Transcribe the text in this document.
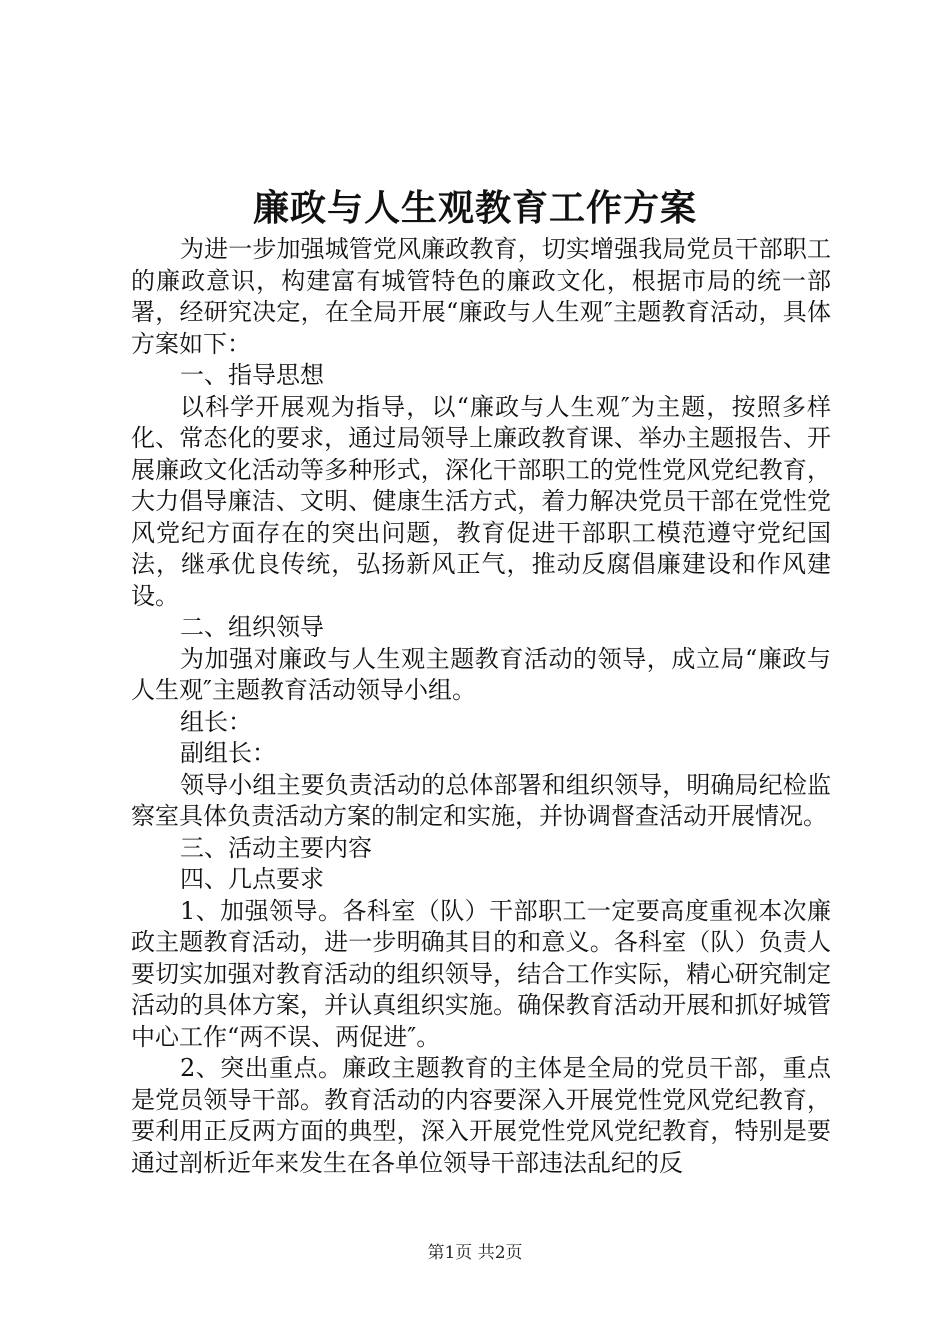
廉政与人生观教育工作方案

为进一步加强城管党风廉政教育，切实增强我局党员干部职工的廉政意识，构建富有城管特色的廉政文化，根据市局的统一部署，经研究决定，在全局开展“廉政与人生观″主题教育活动，具体方案如下：

一、指导思想

以科学开展观为指导，以“廉政与人生观″为主题，按照多样化、常态化的要求，通过局领导上廉政教育课、举办主题报告、开展廉政文化活动等多种形式，深化干部职工的党性党风党纪教育，大力倡导廉洁、文明、健康生活方式，着力解决党员干部在党性党风党纪方面存在的突出问题，教育促进干部职工模范遵守党纪国法，继承优良传统，弘扬新风正气，推动反腐倡廉建设和作风建设。

二、组织领导

为加强对廉政与人生观主题教育活动的领导，成立局“廉政与人生观″主题教育活动领导小组。

组长：

副组长：

领导小组主要负责活动的总体部署和组织领导，明确局纪检监察室具体负责活动方案的制定和实施，并协调督查活动开展情况。

三、活动主要内容

四、几点要求

1、加强领导。各科室（队）干部职工一定要高度重视本次廉政主题教育活动，进一步明确其目的和意义。各科室（队）负责人要切实加强对教育活动的组织领导，结合工作实际，精心研究制定活动的具体方案，并认真组织实施。确保教育活动开展和抓好城管中心工作“两不误、两促进″。

2、突出重点。廉政主题教育的主体是全局的党员干部，重点是党员领导干部。教育活动的内容要深入开展党性党风党纪教育，要利用正反两方面的典型，深入开展党性党风党纪教育，特别是要通过剖析近年来发生在各单位领导干部违法乱纪的反

第1页 共2页
